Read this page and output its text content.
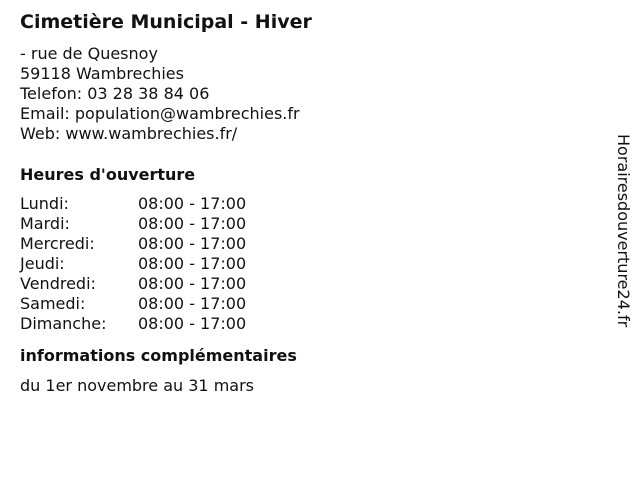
Cimetière Municipal - Hiver
- rue de Quesnoy
59118 Wambrechies
Telefon: 03 28 38 84 06
Email: population@wambrechies.fr
Web: www.wambrechies.fr/
Heures d'ouverture
Lundi:	08:00 - 17:00
Mardi:	08:00 - 17:00
Mercredi:	08:00 - 17:00
Jeudi:	08:00 - 17:00
Vendredi:	08:00 - 17:00
Samedi:	08:00 - 17:00
Dimanche:	08:00 - 17:00
informations complémentaires

du 1er novembre au 31 mars

Horairesdouverture24.fr
